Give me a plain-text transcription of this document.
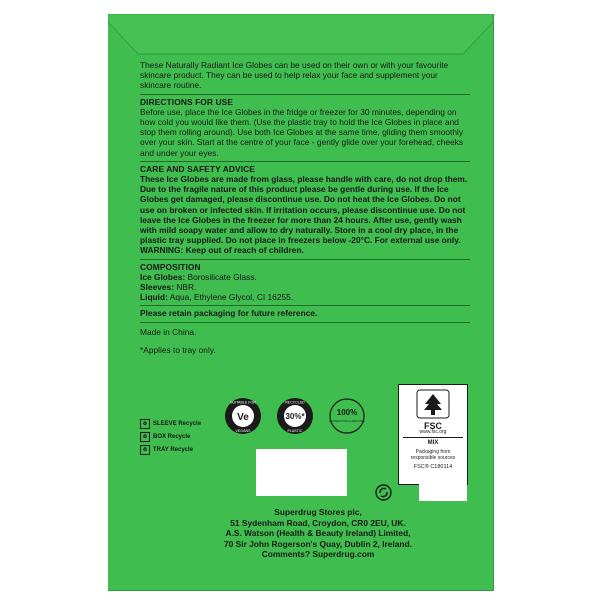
These Naturally Radiant Ice Globes can be used on their own or with your favourite skincare product. They can be used to help relax your face and supplement your skincare routine.

DIRECTIONS FOR USE

Before use, place the Ice Globes in the fridge or freezer for 30 minutes, depending on how cold you would like them. (Use the plastic tray to hold the Ice Globes in place and stop them rolling around). Use both Ice Globes at the same time, gliding them smoothly over your skin. Start at the centre of your face - gently glide over your forehead, cheeks and under your eyes.

CARE AND SAFETY ADVICE

These Ice Globes are made from glass, please handle with care, do not drop them. Due to the fragile nature of this product please be gentle during use. If the Ice Globes get damaged, please discontinue use. Do not heat the Ice Globes. Do not use on broken or infected skin. If irritation occurs, please discontinue use. Do not leave the Ice Globes in the freezer for more than 24 hours. After use, gently wash with mild soapy water and allow to dry naturally. Store in a cool dry place, in the plastic tray supplied. Do not place in freezers below -20°C. For external use only. WARNING: Keep out of reach of children.

COMPOSITION

Ice Globes: Borosilicate Glass.

Sleeves: NBR.

Liquid: Aqua, Ethylene Glycol, CI 16255.

Please retain packaging for future reference.

Made in China.

*Applies to tray only.

♻ SLEEVE Recycle
♻ BOX Recycle
♻ TRAY Recycle
Ve
SUITABLE FOR
VEGANS
30%*
RECYCLED
PLASTIC
100%
SATISFACTION GUARANTEE	FSC
www.fsc.org
MIX
Packaging from
responsible sources
FSC® C180114
Superdrug Stores plc,
51 Sydenham Road, Croydon, CR0 2EU, UK.
A.S. Watson (Health & Beauty Ireland) Limited,
70 Sir John Rogerson's Quay, Dublin 2, Ireland.
Comments? Superdrug.com
